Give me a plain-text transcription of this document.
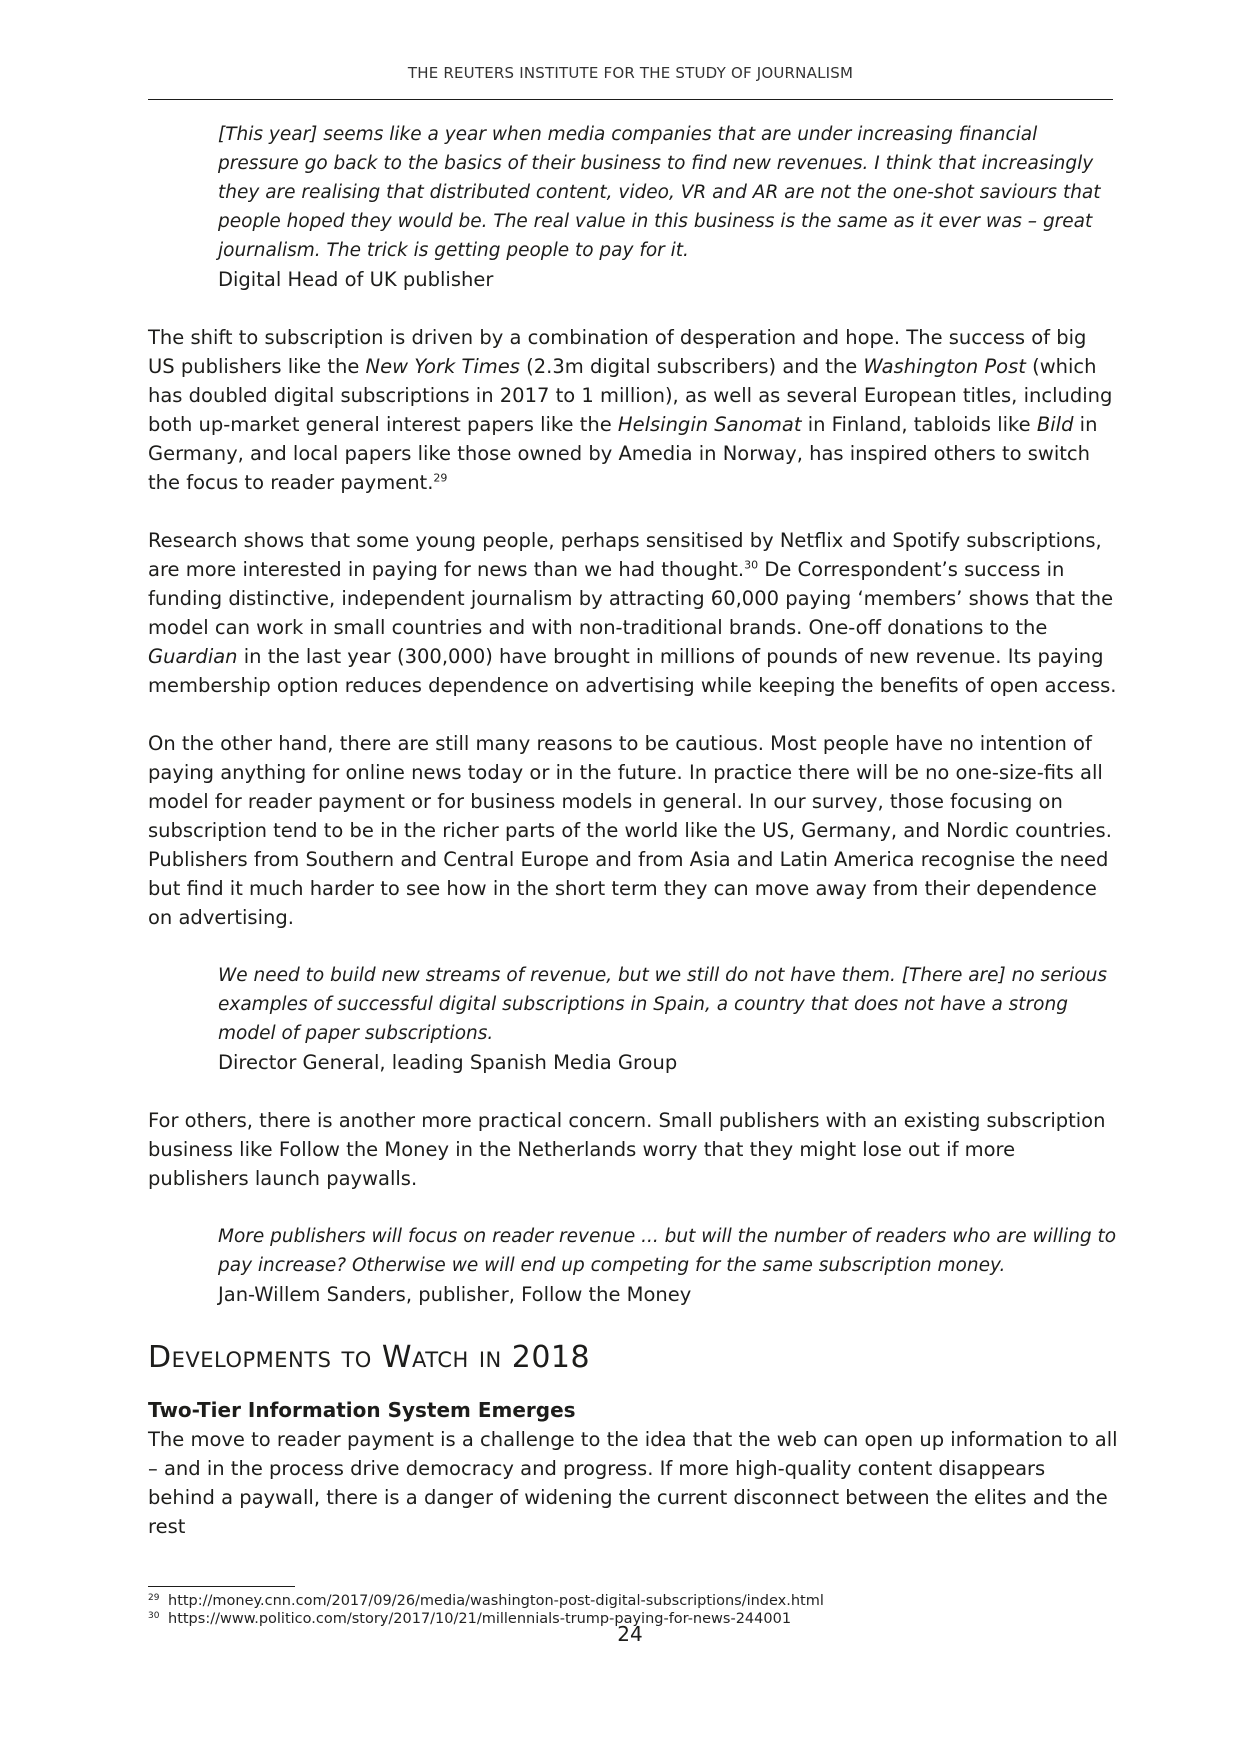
THE REUTERS INSTITUTE FOR THE STUDY OF JOURNALISM

[This year] seems like a year when media companies that are under increasing financial pressure go back to the basics of their business to find new revenues. I think that increasingly they are realising that distributed content, video, VR and AR are not the one-shot saviours that people hoped they would be. The real value in this business is the same as it ever was – great journalism. The trick is getting people to pay for it.

Digital Head of UK publisher

The shift to subscription is driven by a combination of desperation and hope. The success of big US publishers like the New York Times (2.3m digital subscribers) and the Washington Post (which has doubled digital subscriptions in 2017 to 1 million), as well as several European titles, including both up-market general interest papers like the Helsingin Sanomat in Finland, tabloids like Bild in Germany, and local papers like those owned by Amedia in Norway, has inspired others to switch the focus to reader payment.$^{29}$

Research shows that some young people, perhaps sensitised by Netflix and Spotify subscriptions, are more interested in paying for news than we had thought.$^{30}$ De Correspondent’s success in funding distinctive, independent journalism by attracting 60,000 paying ‘members’ shows that the model can work in small countries and with non-traditional brands. One-off donations to the Guardian in the last year (300,000) have brought in millions of pounds of new revenue. Its paying membership option reduces dependence on advertising while keeping the benefits of open access.

On the other hand, there are still many reasons to be cautious. Most people have no intention of paying anything for online news today or in the future. In practice there will be no one-size-fits all model for reader payment or for business models in general. In our survey, those focusing on subscription tend to be in the richer parts of the world like the US, Germany, and Nordic countries. Publishers from Southern and Central Europe and from Asia and Latin America recognise the need but find it much harder to see how in the short term they can move away from their dependence on advertising.

We need to build new streams of revenue, but we still do not have them. [There are] no serious examples of successful digital subscriptions in Spain, a country that does not have a strong model of paper subscriptions.

Director General, leading Spanish Media Group

For others, there is another more practical concern. Small publishers with an existing subscription business like Follow the Money in the Netherlands worry that they might lose out if more publishers launch paywalls.

More publishers will focus on reader revenue ... but will the number of readers who are willing to pay increase? Otherwise we will end up competing for the same subscription money.

Jan-Willem Sanders, publisher, Follow the Money

Developments to Watch in 2018
Two-Tier Information System Emerges

The move to reader payment is a challenge to the idea that the web can open up information to all – and in the process drive democracy and progress. If more high-quality content disappears behind a paywall, there is a danger of widening the current disconnect between the elites and the rest

29 http://money.cnn.com/2017/09/26/media/washington-post-digital-subscriptions/index.html
30 https://www.politico.com/story/2017/10/21/millennials-trump-paying-for-news-244001
24
